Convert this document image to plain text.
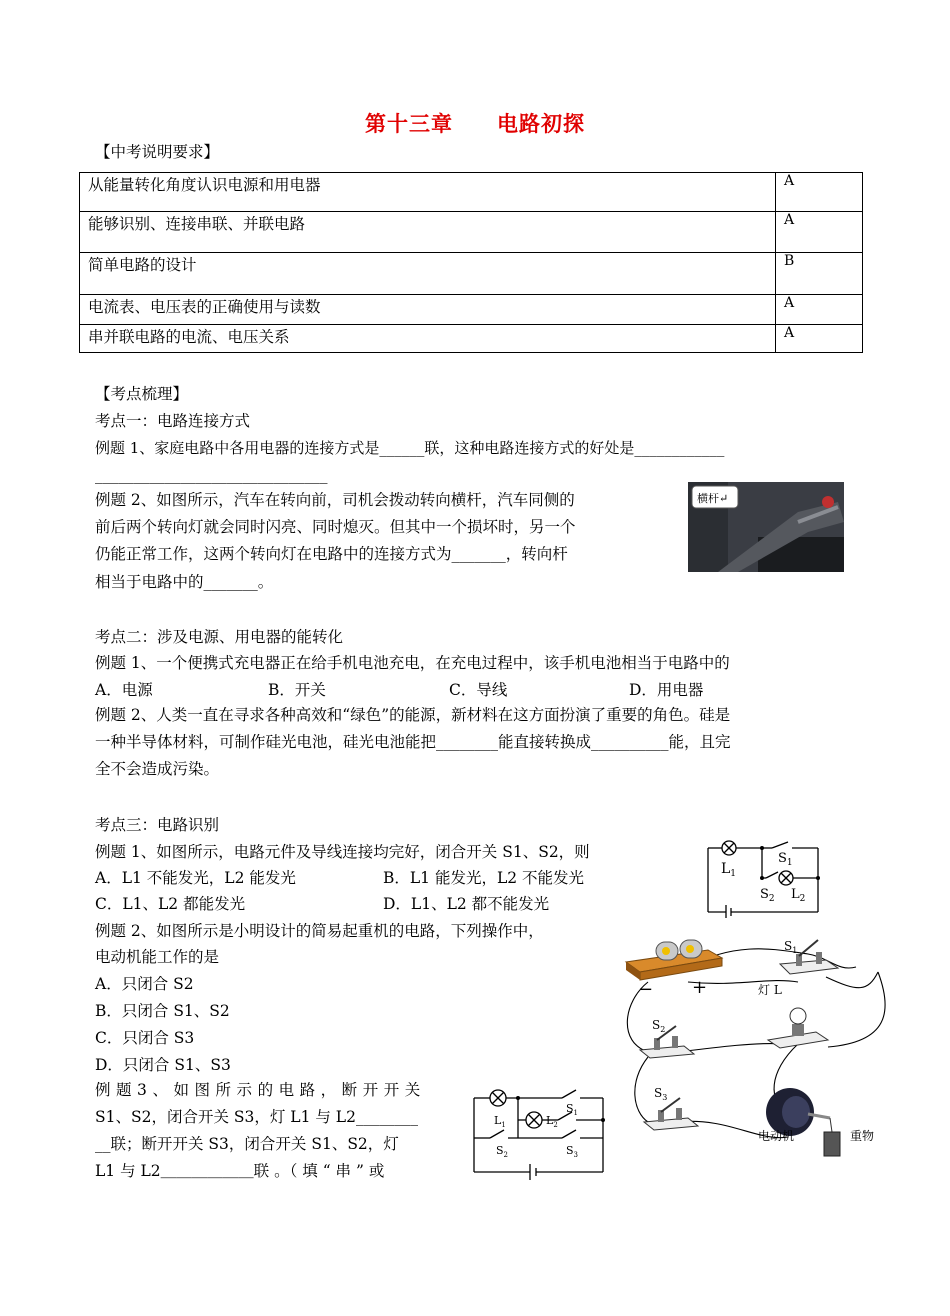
第十三章　　电路初探
【中考说明要求】
从能量转化角度认识电源和用电器	A
能够识别、连接串联、并联电路	A
简单电路的设计	B
电流表、电压表的正确使用与读数	A
串并联电路的电流、电压关系	A
【考点梳理】
考点一：电路连接方式
例题 1、家庭电路中各用电器的连接方式是______联，这种电路连接方式的好处是____________
______________________________
例题 2、如图所示，汽车在转向前，司机会拨动转向横杆，汽车同侧的
前后两个转向灯就会同时闪亮、同时熄灭。但其中一个损坏时，另一个
仍能正常工作，这两个转向灯在电路中的连接方式为_______，转向杆
相当于电路中的_______。
横杆↵
考点二：涉及电源、用电器的能转化
例题 1、一个便携式充电器正在给手机电池充电，在充电过程中，该手机电池相当于电路中的
A．电源	B．开关	C．导线	D．用电器
例题 2、人类一直在寻求各种高效和“绿色”的能源，新材料在这方面扮演了重要的角色。硅是
一种半导体材料，可制作硅光电池，硅光电池能把________能直接转换成__________能，且完
全不会造成污染。
考点三：电路识别
例题 1、如图所示，电路元件及导线连接均完好，闭合开关 S1、S2，则
A．L1 不能发光，L2 能发光	B．L1 能发光，L2 不能发光
C．L1、L2 都能发光	D．L1、L2 都不能发光
例题 2、如图所示是小明设计的简易起重机的电路，下列操作中，
电动机能工作的是
A．只闭合 S2
B．只闭合 S1、S2
C．只闭合 S3
D．只闭合 S1、S3
例 题 3 、 如 图 所 示 的 电 路 ， 断 开 开 关
S1、S2，闭合开关 S3，灯 L1 与 L2________
__联；断开开关 S3，闭合开关 S1、S2，灯
L1 与 L2＿＿＿＿＿＿联 。（ 填 “ 串 ” 或
$L_1$
$S_1$
$S_2$ $L_2$
− +
$S_1$
灯 L
$S_2$
$S_3$
电动机	重物
$L_1$	$L_2$
$S_1$
$S_2$	$S_3$
